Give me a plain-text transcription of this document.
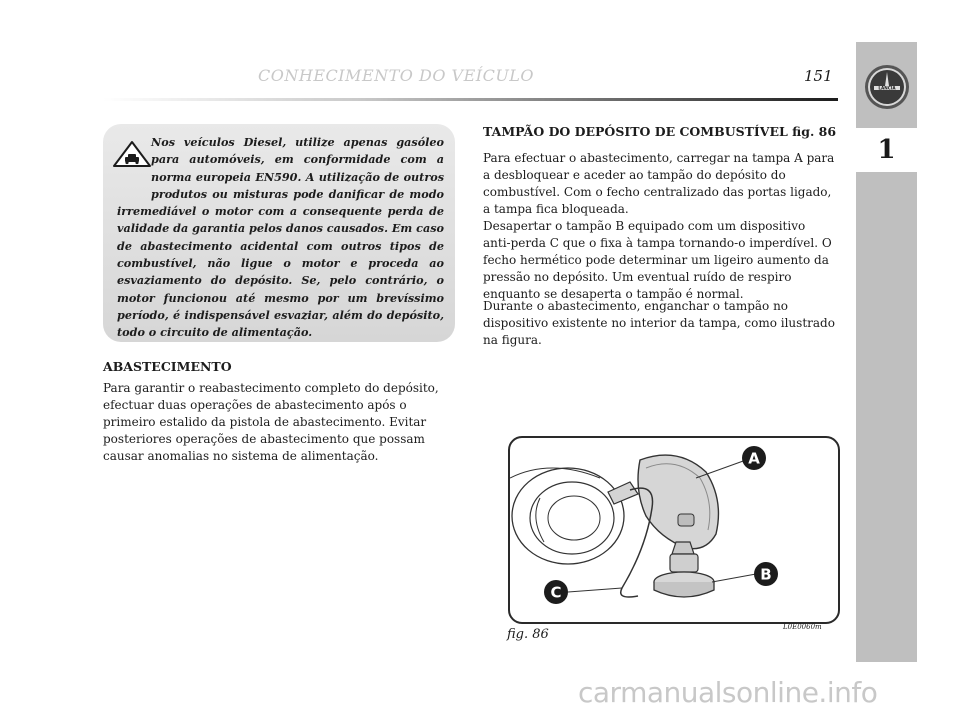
CONHECIMENTO DO VEÍCULO	151
LANCIA
1

Nos veículos Diesel, utilize apenas gasóleo para automóveis, em conformidade com a norma europeia EN590. A utilização de outros produtos ou misturas pode danificar de modo irremediável o motor com a consequente perda de validade da garantia pelos danos causados. Em caso de abastecimento acidental com outros tipos de combustível, não ligue o motor e proceda ao esvaziamento do depósito. Se, pelo contrário, o motor funcionou até mesmo por um brevíssimo período, é indispensável esvaziar, além do depósito, todo o circuito de alimentação.

ABASTECIMENTO

Para garantir o reabastecimento completo do depósito, efectuar duas operações de abastecimento após o primeiro estalido da pistola de abastecimento. Evitar posteriores operações de abastecimento que possam causar anomalias no sistema de alimentação.

TAMPÃO DO DEPÓSITO DE COMBUSTÍVEL fig. 86

Para efectuar o abastecimento, carregar na tampa A para a desbloquear e aceder ao tampão do depósito do combustível. Com o fecho centralizado das portas ligado, a tampa fica bloqueada.

Desapertar o tampão B equipado com um dispositivo anti-perda C que o fixa à tampa tornando-o imperdível. O fecho hermético pode determinar um ligeiro aumento da pressão no depósito. Um eventual ruído de respiro enquanto se desaperta o tampão é normal.

Durante o abastecimento, enganchar o tampão no dispositivo existente no interior da tampa, como ilustrado na figura.

A
B
C
fig. 86	L0E0060m
carmanualsonline.info
